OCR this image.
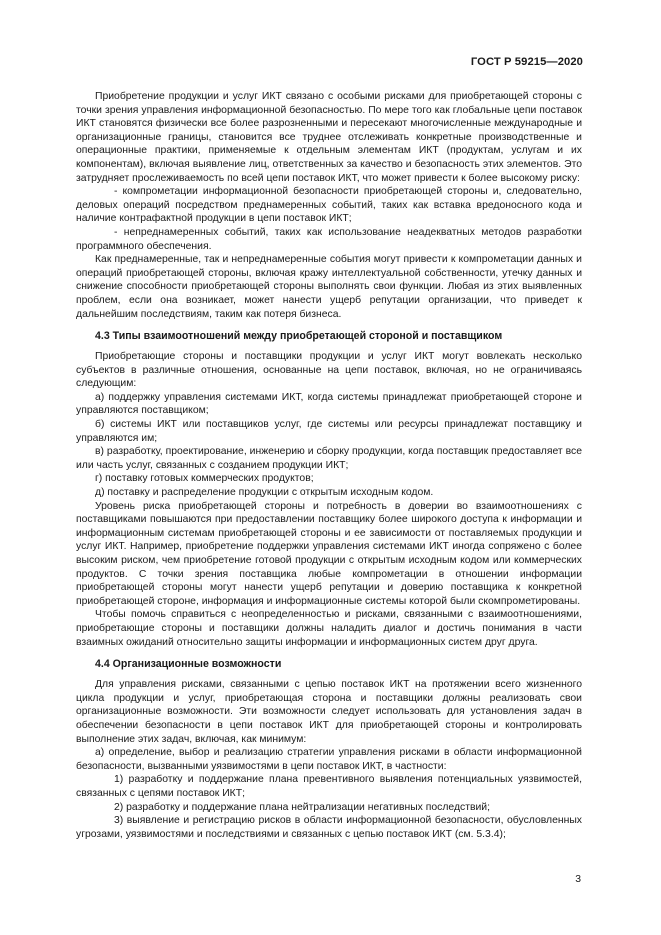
ГОСТ Р 59215—2020

Приобретение продукции и услуг ИКТ связано с особыми рисками для приобретающей стороны с точки зрения управления информационной безопасностью. По мере того как глобальные цепи поставок ИКТ становятся физически все более разрозненными и пересекают многочисленные международные и организационные границы, становится все труднее отслеживать конкретные производственные и операционные практики, применяемые к отдельным элементам ИКТ (продуктам, услугам и их компонентам), включая выявление лиц, ответственных за качество и безопасность этих элементов. Это затрудняет прослеживаемость по всей цепи поставок ИКТ, что может привести к более высокому риску:

- компрометации информационной безопасности приобретающей стороны и, следовательно, деловых операций посредством преднамеренных событий, таких как вставка вредоносного кода и наличие контрафактной продукции в цепи поставок ИКТ;

- непреднамеренных событий, таких как использование неадекватных методов разработки программного обеспечения.

Как преднамеренные, так и непреднамеренные события могут привести к компрометации данных и операций приобретающей стороны, включая кражу интеллектуальной собственности, утечку данных и снижение способности приобретающей стороны выполнять свои функции. Любая из этих выявленных проблем, если она возникает, может нанести ущерб репутации организации, что приведет к дальнейшим последствиям, таким как потеря бизнеса.

4.3 Типы взаимоотношений между приобретающей стороной и поставщиком

Приобретающие стороны и поставщики продукции и услуг ИКТ могут вовлекать несколько субъектов в различные отношения, основанные на цепи поставок, включая, но не ограничиваясь следующим:

а) поддержку управления системами ИКТ, когда системы принадлежат приобретающей стороне и управляются поставщиком;

б) системы ИКТ или поставщиков услуг, где системы или ресурсы принадлежат поставщику и управляются им;

в) разработку, проектирование, инженерию и сборку продукции, когда поставщик предоставляет все или часть услуг, связанных с созданием продукции ИКТ;

г) поставку готовых коммерческих продуктов;

д) поставку и распределение продукции с открытым исходным кодом.

Уровень риска приобретающей стороны и потребность в доверии во взаимоотношениях с поставщиками повышаются при предоставлении поставщику более широкого доступа к информации и информационным системам приобретающей стороны и ее зависимости от поставляемых продукции и услуг ИКТ. Например, приобретение поддержки управления системами ИКТ иногда сопряжено с более высоким риском, чем приобретение готовой продукции с открытым исходным кодом или коммерческих продуктов. С точки зрения поставщика любые компрометации в отношении информации приобретающей стороны могут нанести ущерб репутации и доверию поставщика к конкретной приобретающей стороне, информация и информационные системы которой были скомпрометированы.

Чтобы помочь справиться с неопределенностью и рисками, связанными с взаимоотношениями, приобретающие стороны и поставщики должны наладить диалог и достичь понимания в части взаимных ожиданий относительно защиты информации и информационных систем друг друга.

4.4 Организационные возможности

Для управления рисками, связанными с цепью поставок ИКТ на протяжении всего жизненного цикла продукции и услуг, приобретающая сторона и поставщики должны реализовать свои организационные возможности. Эти возможности следует использовать для установления задач в обеспечении безопасности в цепи поставок ИКТ для приобретающей стороны и контролировать выполнение этих задач, включая, как минимум:

а) определение, выбор и реализацию стратегии управления рисками в области информационной безопасности, вызванными уязвимостями в цепи поставок ИКТ, в частности:

1) разработку и поддержание плана превентивного выявления потенциальных уязвимостей, связанных с цепями поставок ИКТ;

2) разработку и поддержание плана нейтрализации негативных последствий;

3) выявление и регистрацию рисков в области информационной безопасности, обусловленных угрозами, уязвимостями и последствиями и связанных с цепью поставок ИКТ (см. 5.3.4);

3
